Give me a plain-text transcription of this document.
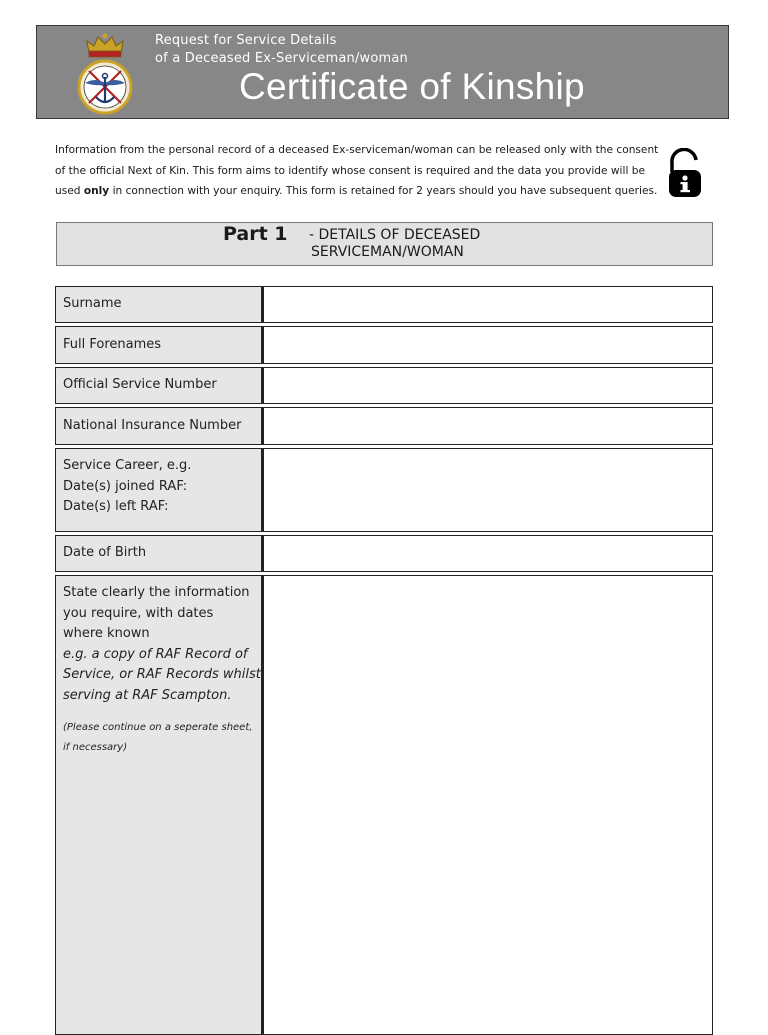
Request for Service Details
of a Deceased Ex-Serviceman/woman
Certificate of Kinship

Information from the personal record of a deceased Ex-serviceman/woman can be released only with the consent

of the official Next of Kin. This form aims to identify whose consent is required and the data you provide will be

used only in connection with your enquiry. This form is retained for 2 years should you have subsequent queries.

Part 1 - DETAILS OF DECEASED
SERVICEMAN/WOMAN
Surname
Full Forenames
Official Service Number
National Insurance Number
Service Career, e.g.
Date(s) joined RAF:
Date(s) left RAF:
Date of Birth
State clearly the information
you require, with dates
where known
e.g. a copy of RAF Record of
Service, or RAF Records whilst
serving at RAF Scampton.
(Please continue on a seperate sheet,
if necessary)
